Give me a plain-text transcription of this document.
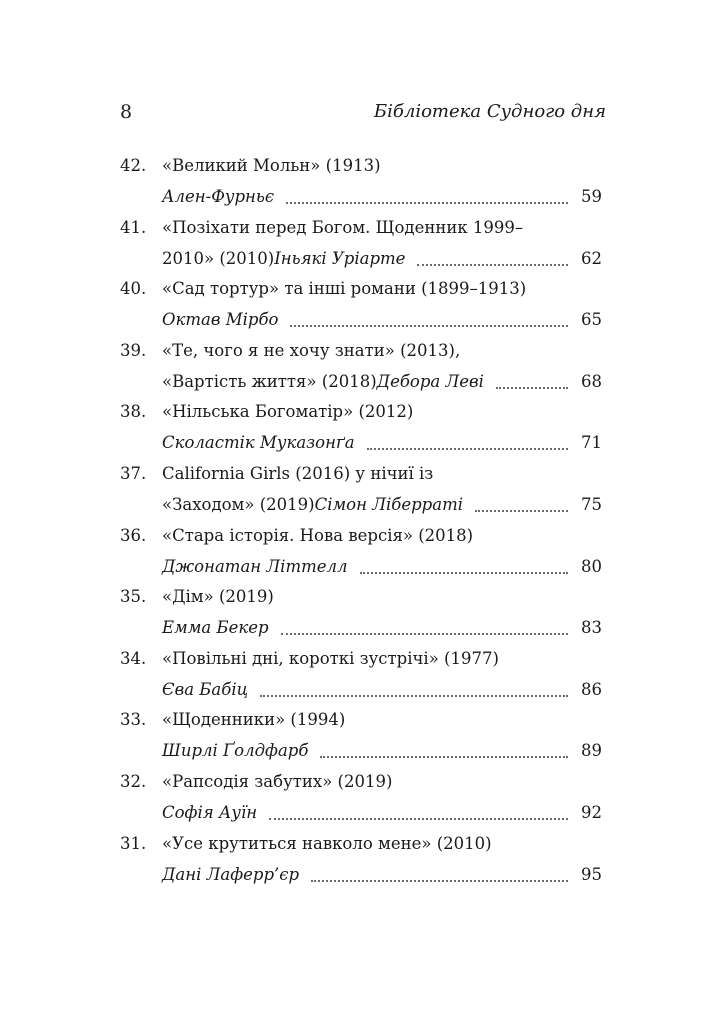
8	Бібліотека Судного дня
42. «Великий Мольн» (1913)
Ален-Фурньє	59
41. «Позіхати перед Богом. Щоденник 1999–
2010» (2010) Іньякі Уріарте	62
40. «Сад тортур» та інші романи (1899–1913)
Октав Мірбо	65
39. «Те, чого я не хочу знати» (2013),
«Вартість життя» (2018) Дебора Леві	68
38. «Нільська Богоматір» (2012)
Сколастік Муказонґа	71
37. California Girls (2016) у нічиї із
«Заходом» (2019) Сімон Ліберраті	75
36. «Стара історія. Нова версія» (2018)
Джонатан Літтелл	80
35. «Дім» (2019)
Емма Бекер	83
34. «Повільні дні, короткі зустрічі» (1977)
Єва Бабіц	86
33. «Щоденники» (1994)
Ширлі Ґолдфарб	89
32. «Рапсодія забутих» (2019)
Софія Ауїн	92
31. «Усе крутиться навколо мене» (2010)
Дані Лаферр’єр	95
